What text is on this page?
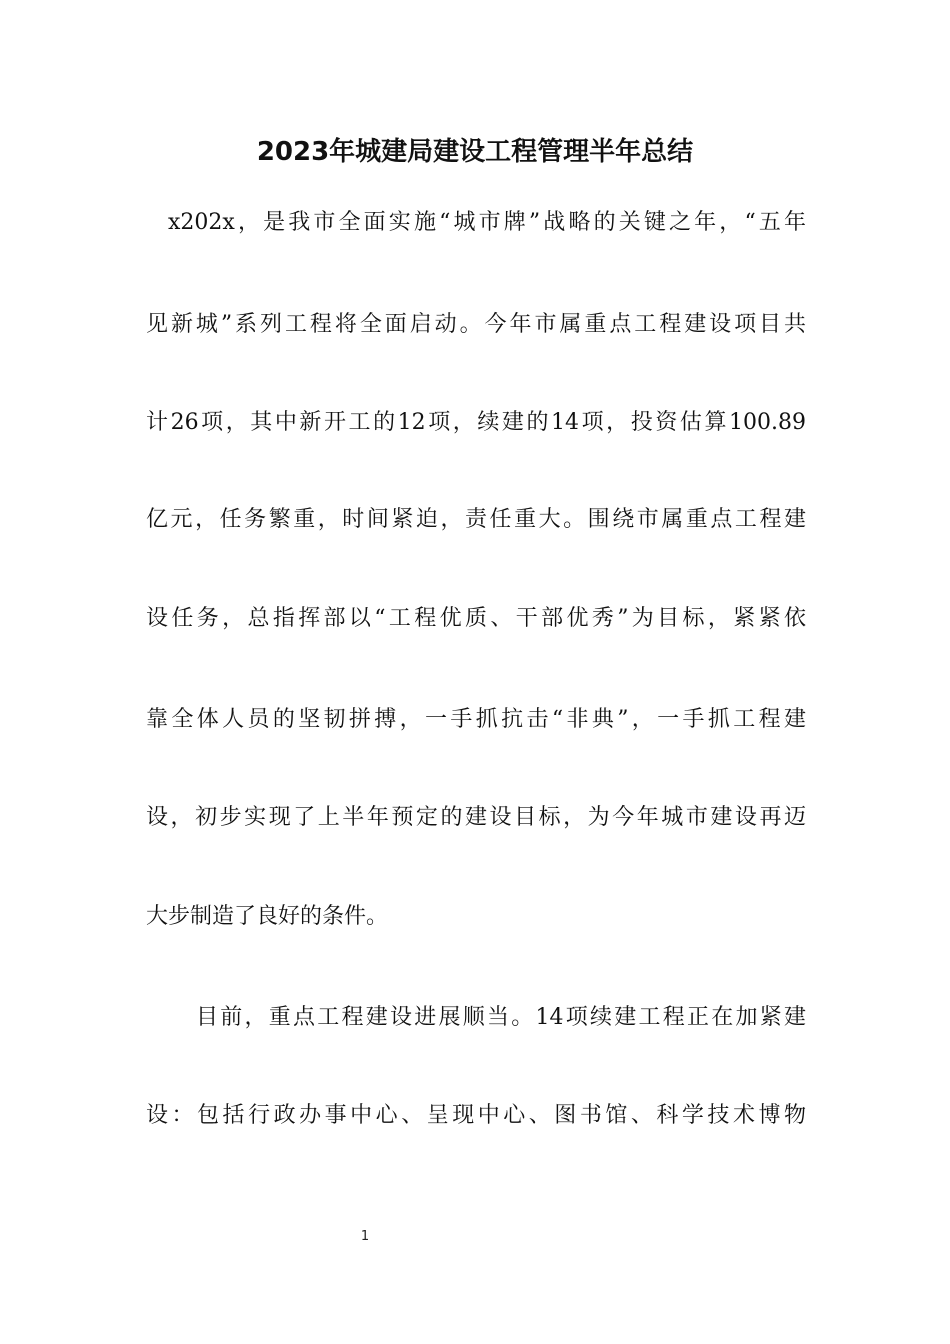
2023年城建局建设工程管理半年总结
x202x，是我市全面实施“城市牌”战略的关键之年，“五年
见新城”系列工程将全面启动。今年市属重点工程建设项目共
计26项，其中新开工的12项，续建的14项，投资估算100.89
亿元，任务繁重，时间紧迫，责任重大。围绕市属重点工程建
设任务，总指挥部以“工程优质、干部优秀”为目标，紧紧依
靠全体人员的坚韧拼搏，一手抓抗击“非典”，一手抓工程建
设，初步实现了上半年预定的建设目标，为今年城市建设再迈
大步制造了良好的条件。
目前，重点工程建设进展顺当。14项续建工程正在加紧建
设：包括行政办事中心、呈现中心、图书馆、科学技术博物
1
